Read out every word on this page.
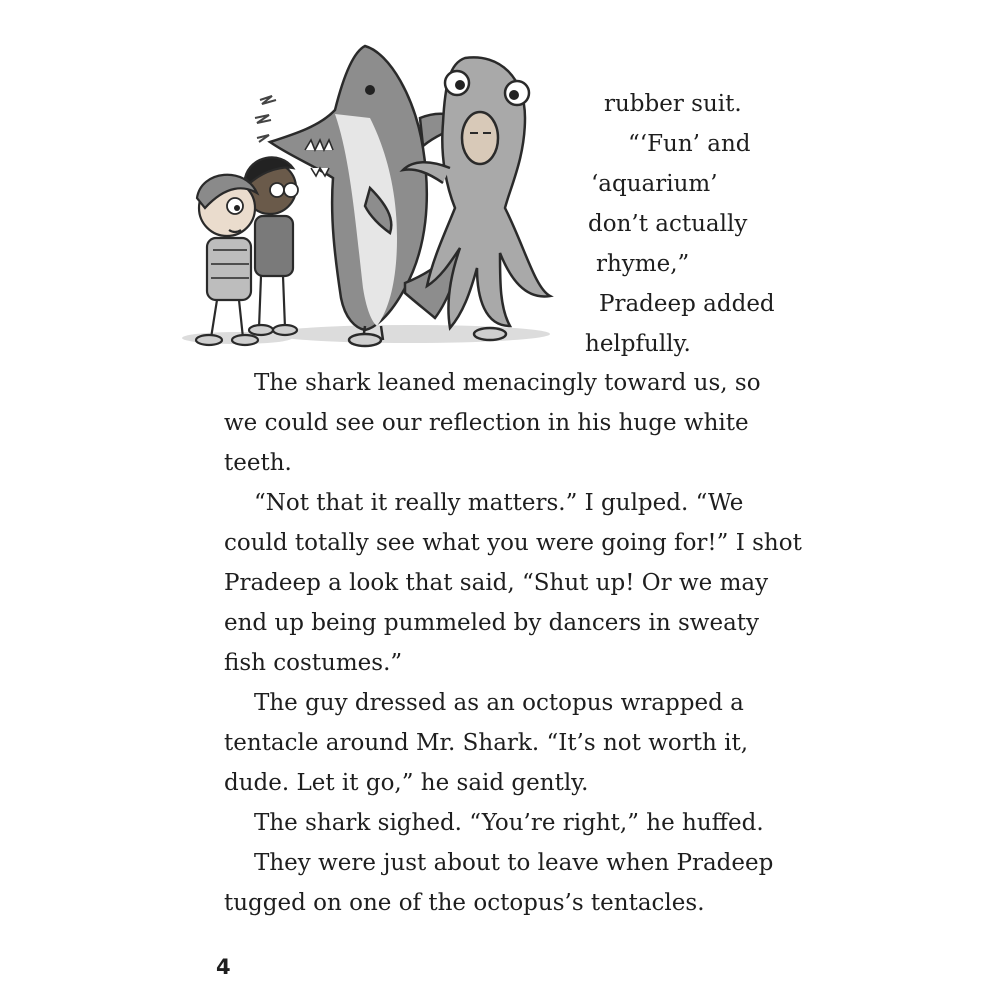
rubber suit.
“‘Fun’ and
‘aquarium’
don’t actually
rhyme,”
Pradeep added
helpfully.
The shark leaned menacingly toward us, so
we could see our reflection in his huge white
teeth.
“Not that it really matters.” I gulped. “We
could totally see what you were going for!” I shot
Pradeep a look that said, “Shut up! Or we may
end up being pummeled by dancers in sweaty
fish costumes.”
The guy dressed as an octopus wrapped a
tentacle around Mr. Shark. “It’s not worth it,
dude. Let it go,” he said gently.
The shark sighed. “You’re right,” he huffed.
They were just about to leave when Pradeep
tugged on one of the octopus’s tentacles.
4
